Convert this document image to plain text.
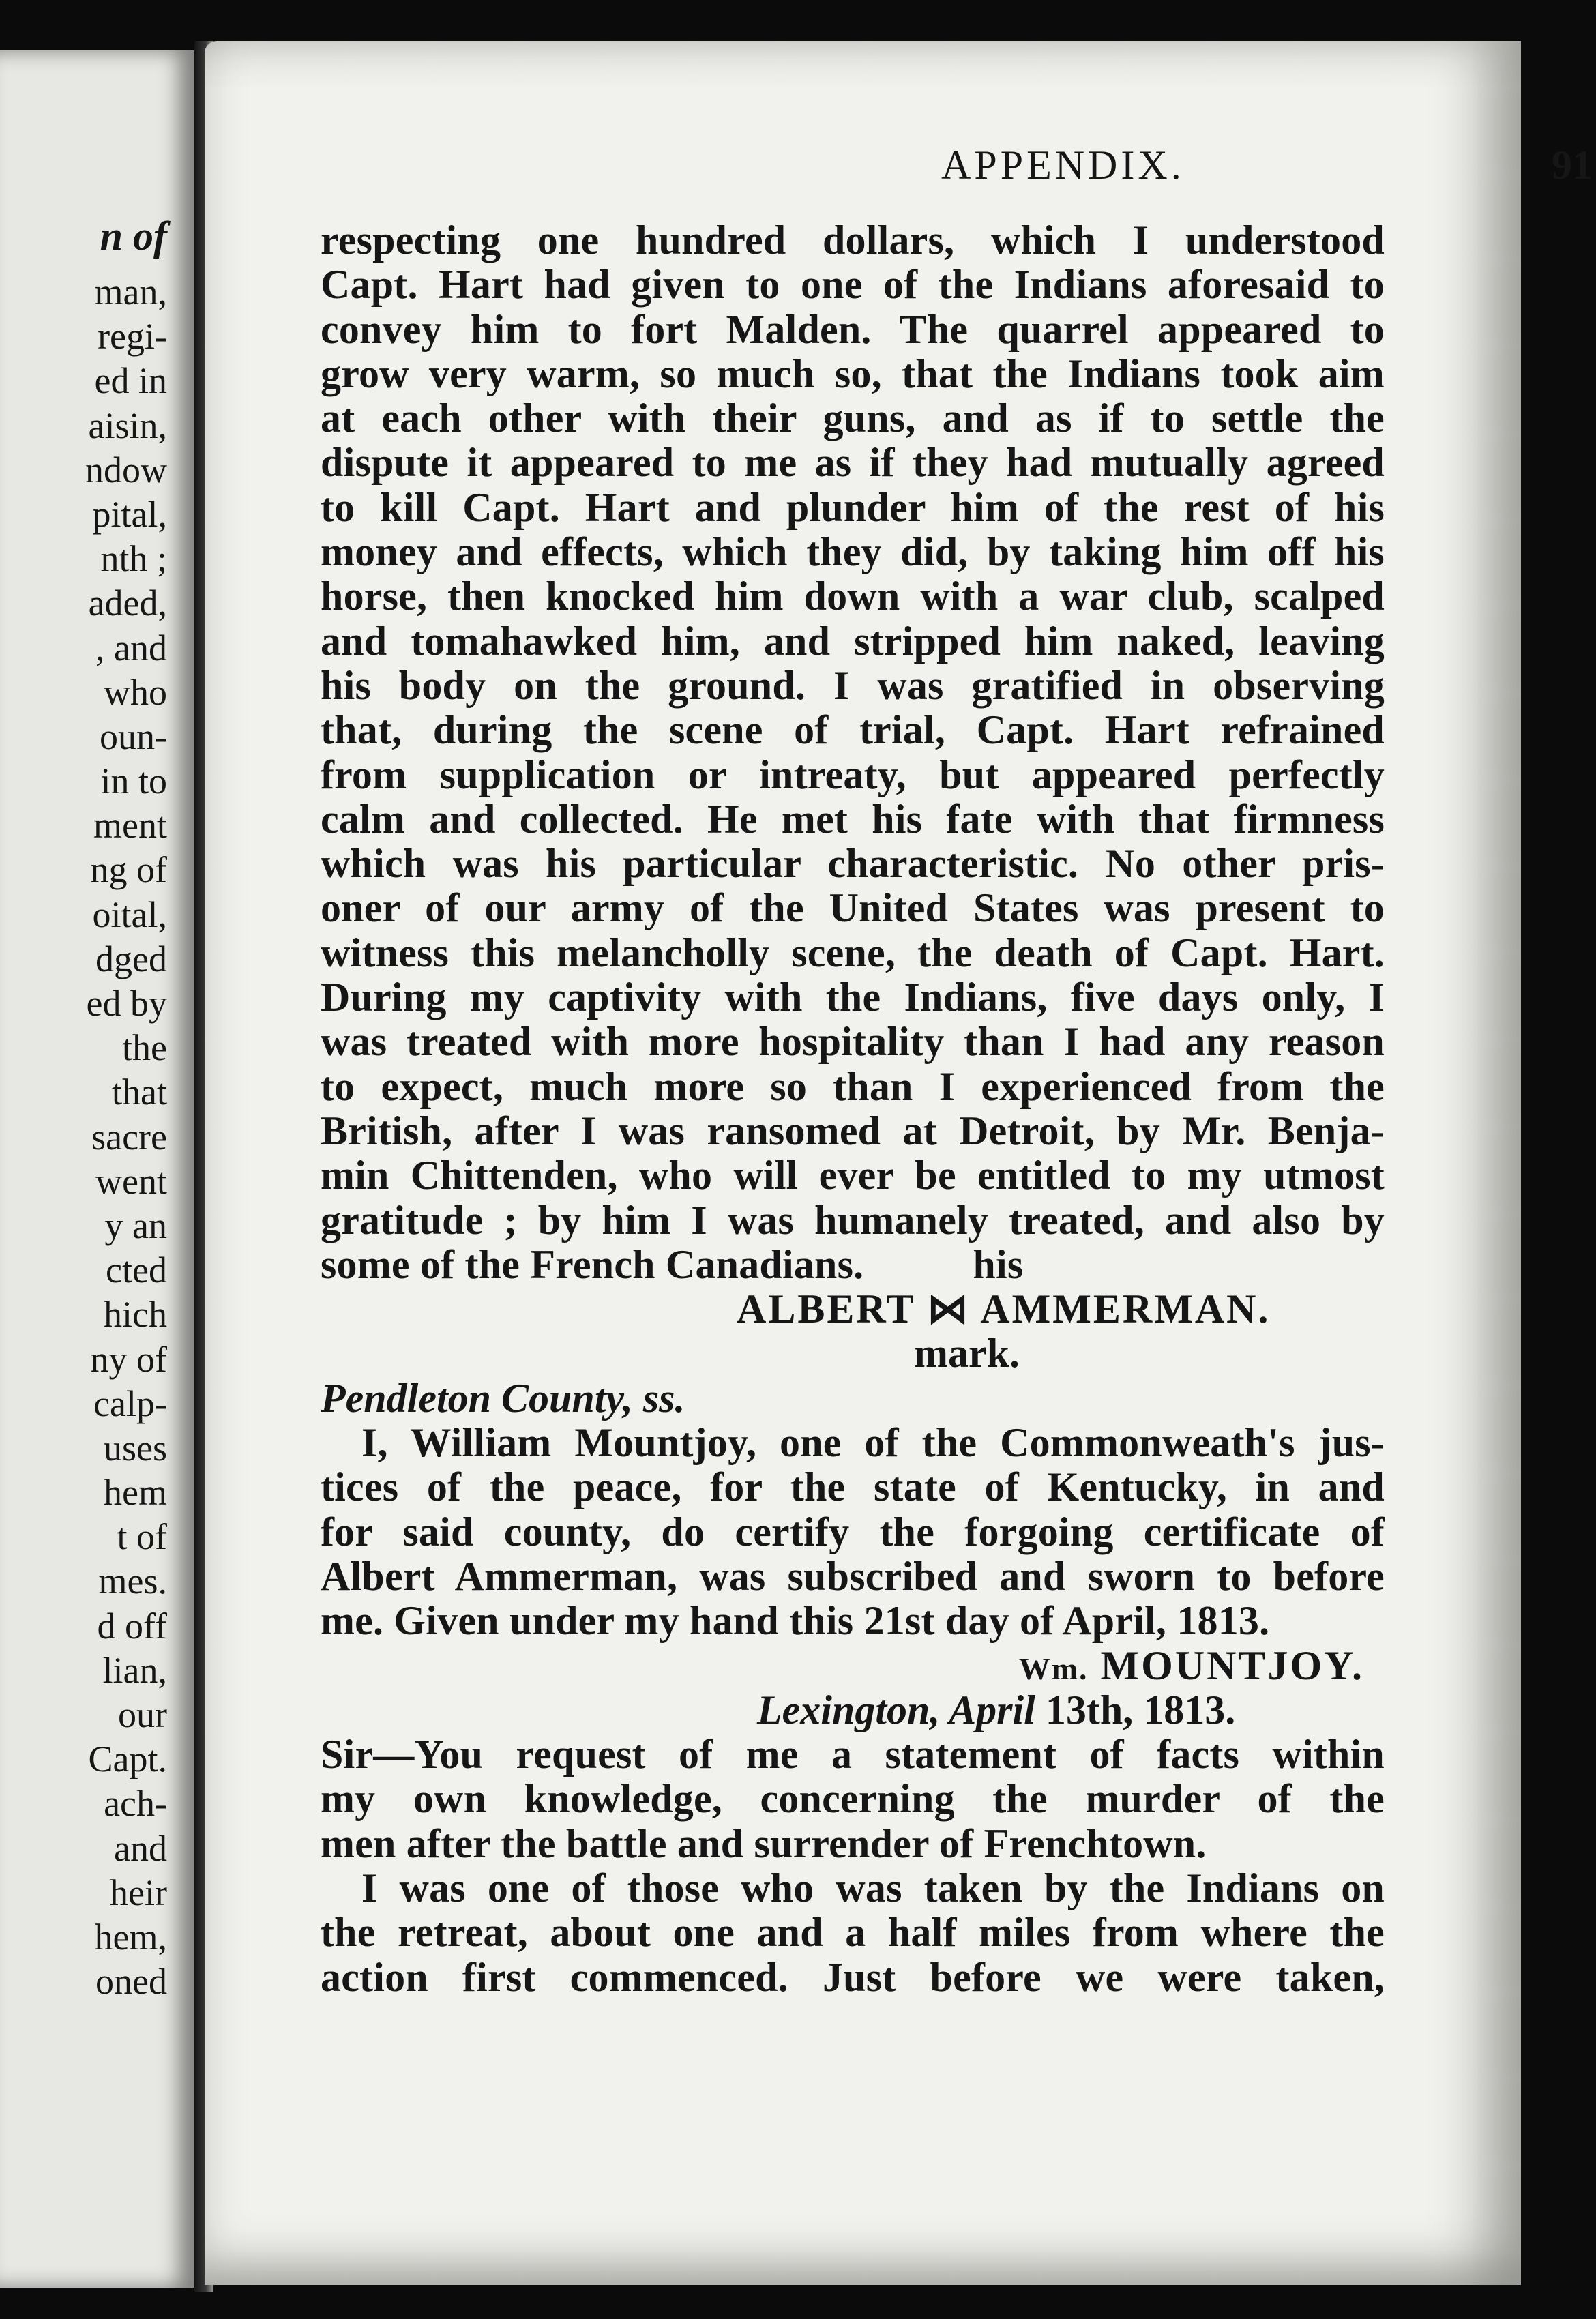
n of
man,
regi-
ed in
aisin,
ndow
pital,
nth ;
aded,
, and
who
oun-
in to
ment
ng of
oital,
dged
ed by
the
that
sacre
went
y an
cted
hich
ny of
calp-
uses
hem
t of
mes.
d off
lian,
our
Capt.
ach-
and
heir
hem,
oned
APPENDIX.	91
respecting one hundred dollars, which I understood
Capt. Hart had given to one of the Indians aforesaid to
convey him to fort Malden. The quarrel appeared to
grow very warm, so much so, that the Indians took aim
at each other with their guns, and as if to settle the
dispute it appeared to me as if they had mutually agreed
to kill Capt. Hart and plunder him of the rest of his
money and effects, which they did, by taking him off his
horse, then knocked him down with a war club, scalped
and tomahawked him, and stripped him naked, leaving
his body on the ground. I was gratified in observing
that, during the scene of trial, Capt. Hart refrained
from supplication or intreaty, but appeared perfectly
calm and collected. He met his fate with that firmness
which was his particular characteristic. No other pris-
oner of our army of the United States was present to
witness this melancholly scene, the death of Capt. Hart.
During my captivity with the Indians, five days only, I
was treated with more hospitality than I had any reason
to expect, much more so than I experienced from the
British, after I was ransomed at Detroit, by Mr. Benja-
min Chittenden, who will ever be entitled to my utmost
gratitude ; by him I was humanely treated, and also by
some of the French Canadians.	his
ALBERT ⋈ AMMERMAN.
mark.
Pendleton County, ss.
I, William Mountjoy, one of the Commonweath's jus-
tices of the peace, for the state of Kentucky, in and
for said county, do certify the forgoing certificate of
Albert Ammerman, was subscribed and sworn to before
me. Given under my hand this 21st day of April, 1813.
Wm. MOUNTJOY.
Lexington, April 13th, 1813.
Sir—You request of me a statement of facts within
my own knowledge, concerning the murder of the
men after the battle and surrender of Frenchtown.
I was one of those who was taken by the Indians on
the retreat, about one and a half miles from where the
action first commenced. Just before we were taken,
